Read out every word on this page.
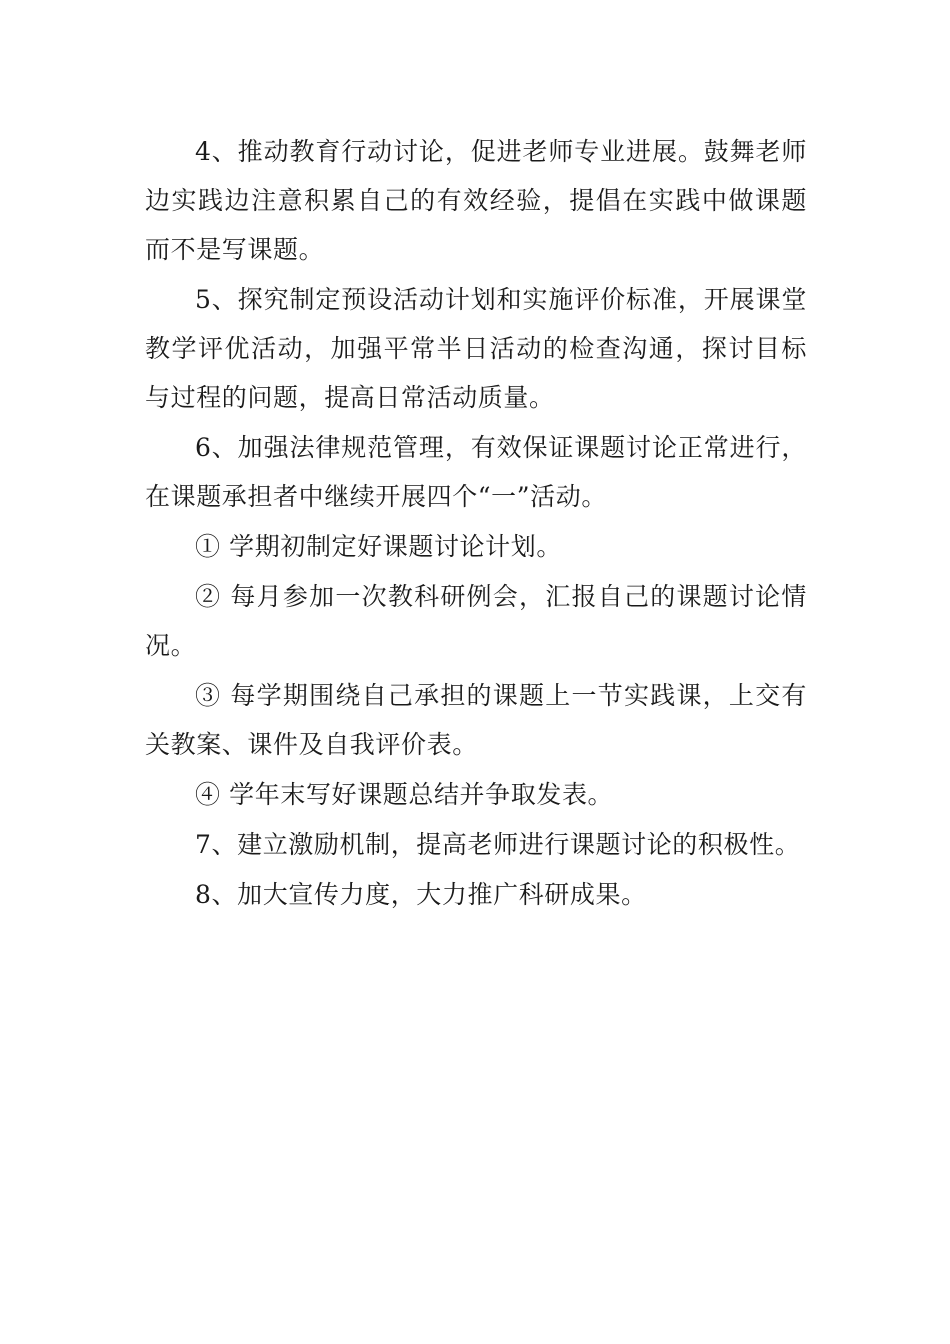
4、推动教育行动讨论，促进老师专业进展。鼓舞老师边实践边注意积累自己的有效经验，提倡在实践中做课题而不是写课题。

5、探究制定预设活动计划和实施评价标准，开展课堂教学评优活动，加强平常半日活动的检查沟通，探讨目标与过程的问题，提高日常活动质量。

6、加强法律规范管理，有效保证课题讨论正常进行，在课题承担者中继续开展四个“一”活动。

① 学期初制定好课题讨论计划。

② 每月参加一次教科研例会，汇报自己的课题讨论情况。

③ 每学期围绕自己承担的课题上一节实践课，上交有关教案、课件及自我评价表。

④ 学年末写好课题总结并争取发表。

7、建立激励机制，提高老师进行课题讨论的积极性。

8、加大宣传力度，大力推广科研成果。
